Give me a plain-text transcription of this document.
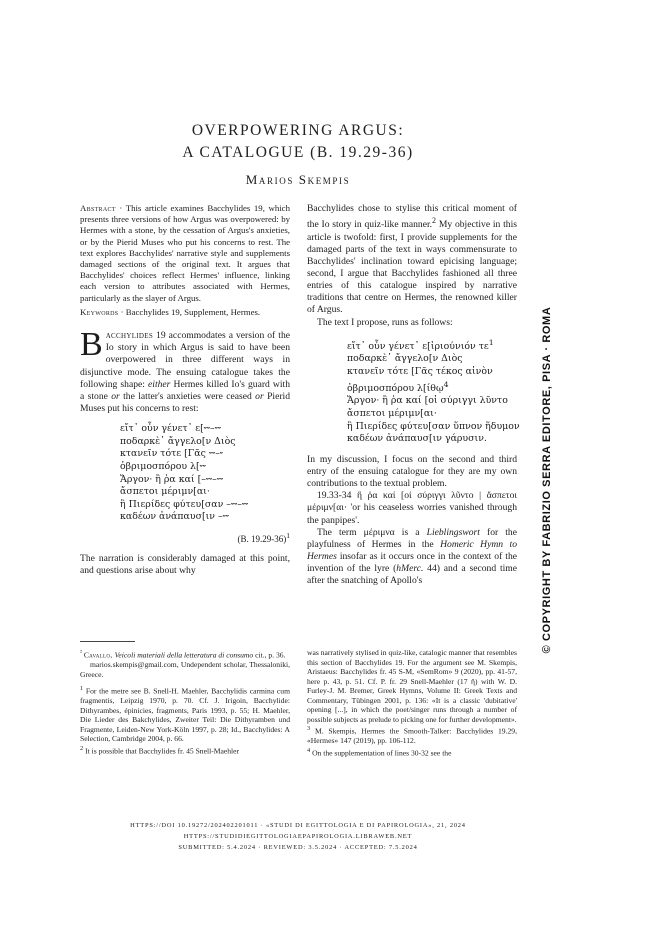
OVERPOWERING ARGUS:
A CATALOGUE (B. 19.29-36)
Marios Skempis

Abstract · This article examines Bacchylides 19, which presents three versions of how Argus was overpowered: by Hermes with a stone, by the cessation of Argus's anxieties, or by the Pierid Muses who put his concerns to rest. The text explores Bacchylides' narrative style and supplements damaged sections of the original text. It argues that Bacchylides' choices reflect Hermes' influence, linking each version to attributes associated with Hermes, particularly as the slayer of Argus.

Keywords · Bacchylides 19, Supplement, Hermes.

Bacchylides 19 accommodates a version of the Io story in which Argus is said to have been overpowered in three different ways in disjunctive mode. The ensuing catalogue takes the following shape: either Hermes killed Io's guard with a stone or the latter's anxieties were ceased or Pierid Muses put his concerns to rest:

εἴτ᾽ οὖν γένετ᾽ ε[⏑⏑–⏑⏑
ποδαρκὲ᾽ ἄγγελο[ν Διὸς
κτανεῖν τότε [Γᾶς ⏑⏑–⏑
ὀβριμοσπόρου λ[⏑⏑
Ἄργον· ἢ ῥα καί [–⏑⏑–⏑⏑
ἄσπετοι μέριμν[αι·
ἢ Πιερίδες φύτευ[σαν –⏑⏑–⏑⏑
καδέων ἀνάπαυσ[ιν –⏑⏑

(B. 19.29-36)$^1$

The narration is considerably damaged at this point, and questions arise about why

Bacchylides chose to stylise this critical moment of the Io story in quiz-like manner.$^2$ My objective in this article is twofold: first, I provide supplements for the damaged parts of the text in ways commensurate to Bacchylides' inclination toward epicising language; second, I argue that Bacchylides fashioned all three entries of this catalogue inspired by narrative traditions that centre on Hermes, the renowned killer of Argus.

The text I propose, runs as follows:

εἴτ᾽ οὖν γένετ᾽ ε[ἰριούνιόν $\tau\varepsilon^1$
ποδαρκὲ᾽ ἄγγελο[ν Διὸς
κτανεῖν τότε [Γᾶς τέκος αἰνὸν
ὀβριμοσπόρου λ[ίθῳ$^4$
Ἄργον· ἢ ῥα καί [οἱ σύριγγι λῦντο
ἄσπετοι μέριμν[αι·
ἢ Πιερίδες φύτευ[σαν ὕπνον ἥδυμον
καδέων ἀνάπαυσ[ιν γάρυσιν.

In my discussion, I focus on the second and third entry of the ensuing catalogue for they are my own contributions to the textual problem.

19.33-34 ἢ ῥα καί [οἱ σύριγγι λῦντο | ἄσπετοι μέριμν[αι· 'or his ceaseless worries vanished through the panpipes'.

The term μέριμνα is a Lieblingswort for the playfulness of Hermes in the Homeric Hymn to Hermes insofar as it occurs once in the context of the invention of the lyre (hMerc. 44) and a second time after the snatching of Apollo's

$^{^2}$ Cavallo, Veicoli materiali della letteratura di consumo cit., p. 36.

marios.skempis@gmail.com, Undependent scholar, Thessaloniki, Greece.

$^1$ For the metre see B. Snell-H. Maehler, Bacchylidis carmina cum fragmentis, Leipzig 1970, p. 70. Cf. J. Irigoin, Bacchylide: Dithyrambes, épinicies, fragments, Paris 1993, p. 55; H. Maehler, Die Lieder des Bakchylides, Zweiter Teil: Die Dithyramben und Fragmente, Leiden-New York-Köln 1997, p. 28; Id., Bacchylides: A Selection, Cambridge 2004, p. 66.

$^2$ It is possible that Bacchylides fr. 45 Snell-Maehler

was narratively stylised in quiz-like, catalogic manner that resembles this section of Bacchylides 19. For the argument see M. Skempis, Aristaeus: Bacchylides fr. 45 S-M, «SemRom» 9 (2020), pp. 41-57, here p. 43, p. 51. Cf. P. fr. 29 Snell-Maehler (17 ἢ) with W. D. Furley-J. M. Bremer, Greek Hymns, Volume II: Greek Texts and Commentary, Tübingen 2001, p. 136: «It is a classic 'dubitative' opening [...], in which the poet/singer runs through a number of possible subjects as prelude to picking one for further development».

$^3$ M. Skempis, Hermes the Smooth-Talker: Bacchylides 19.29, «Hermes» 147 (2019), pp. 106-112.

$^4$ On the supplementation of lines 30-32 see the

HTTPS://DOI 10.19272/202402201011 · «STUDI DI EGITTOLOGIA E DI PAPIROLOGIA», 21, 2024
HTTPS://STUDIDIEGITTOLOGIAEPAPIROLOGIA.LIBRAWEB.NET
SUBMITTED: 5.4.2024 · REVIEWED: 3.5.2024 · ACCEPTED: 7.5.2024
© COPYRIGHT BY FABRIZIO SERRA EDITORE, PISA · ROMA
